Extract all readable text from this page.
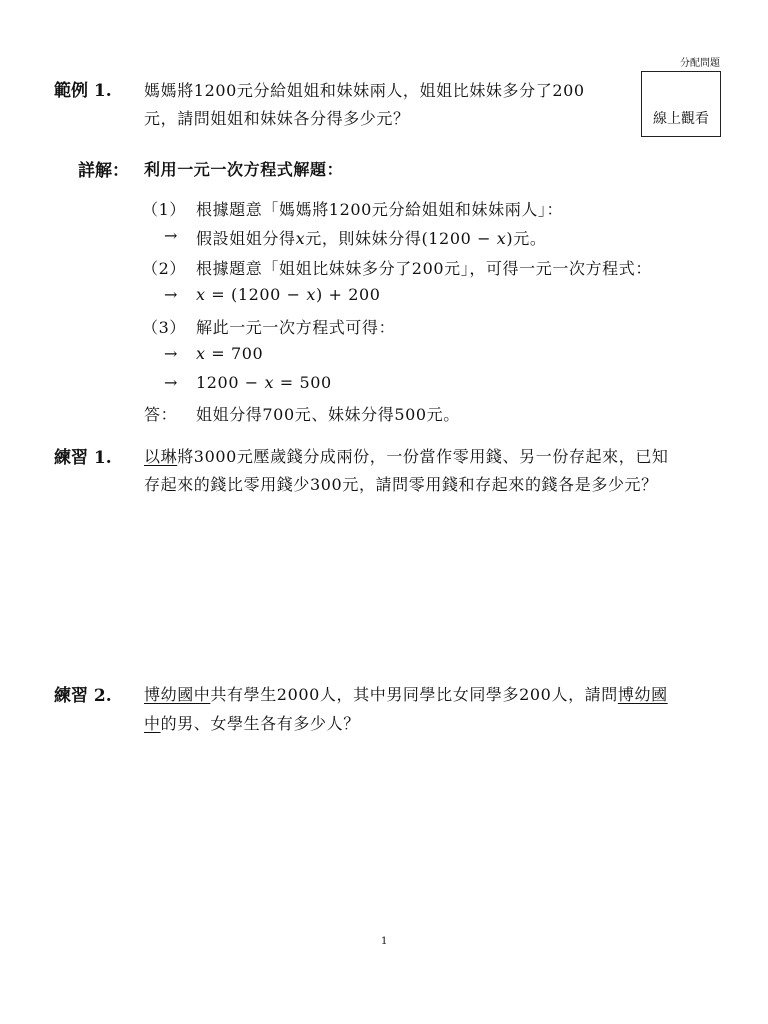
分配問題
線上觀看
範例 1. 媽媽將1200元分給姐姐和妹妹兩人，姐姐比妹妹多分了200
元，請問姐姐和妹妹各分得多少元？
詳解： 利用一元一次方程式解題：
（1） 根據題意「媽媽將1200元分給姐姐和妹妹兩人」：
→ 假設姐姐分得x元，則妹妹分得(1200 − x)元。
（2） 根據題意「姐姐比妹妹多分了200元」，可得一元一次方程式：
→ x = (1200 − x) + 200
（3） 解此一元一次方程式可得：
→ x = 700
→ 1200 − x = 500
答： 姐姐分得700元、妹妹分得500元。
練習 1. 以琳將3000元壓歲錢分成兩份，一份當作零用錢、另一份存起來，已知
存起來的錢比零用錢少300元，請問零用錢和存起來的錢各是多少元？
練習 2. 博幼國中共有學生2000人，其中男同學比女同學多200人，請問博幼國
中的男、女學生各有多少人？
1
